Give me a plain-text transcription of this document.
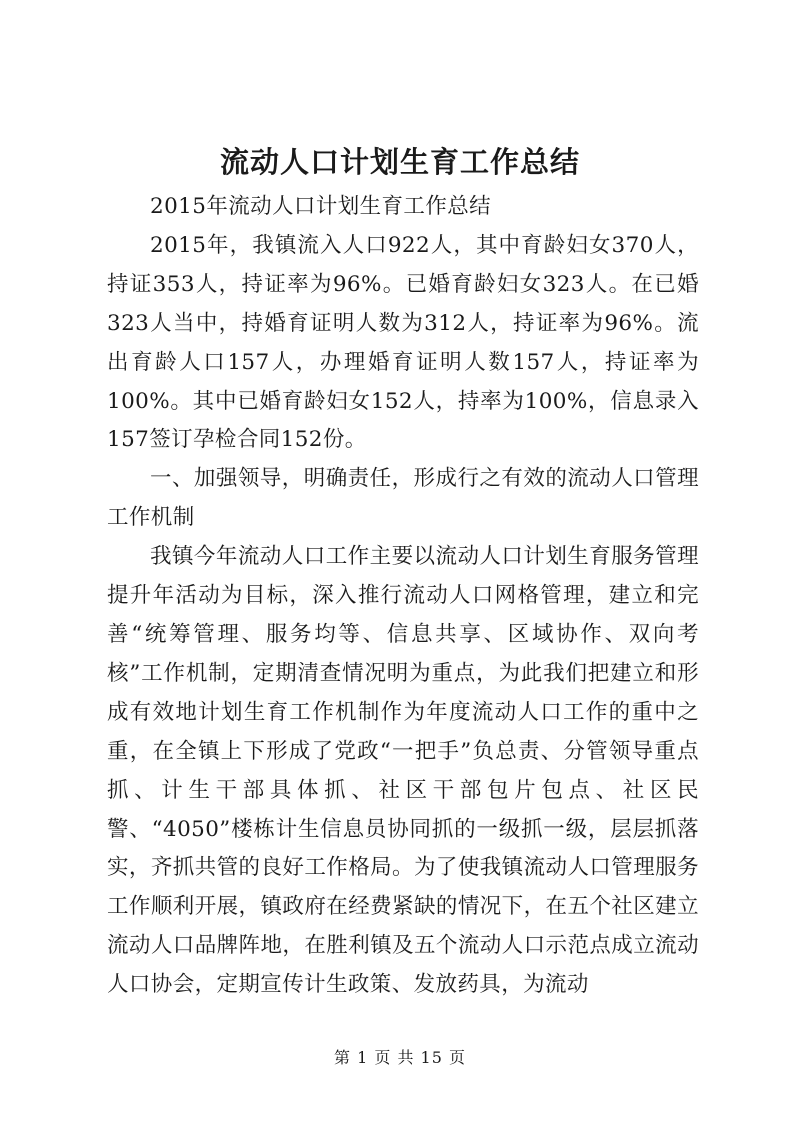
流动人口计划生育工作总结

2015年流动人口计划生育工作总结

2015年，我镇流入人口922人，其中育龄妇女370人，持证353人，持证率为96%。已婚育龄妇女323人。在已婚323人当中，持婚育证明人数为312人，持证率为96%。流出育龄人口157人，办理婚育证明人数157人，持证率为100%。其中已婚育龄妇女152人，持率为100%，信息录入157签订孕检合同152份。

一、加强领导，明确责任，形成行之有效的流动人口管理工作机制

我镇今年流动人口工作主要以流动人口计划生育服务管理提升年活动为目标，深入推行流动人口网格管理，建立和完善“统筹管理、服务均等、信息共享、区域协作、双向考核”工作机制，定期清查情况明为重点，为此我们把建立和形成有效地计划生育工作机制作为年度流动人口工作的重中之重，在全镇上下形成了党政“一把手”负总责、分管领导重点抓、计生干部具体抓、社区干部包片包点、社区民警、“4050”楼栋计生信息员协同抓的一级抓一级，层层抓落实，齐抓共管的良好工作格局。为了使我镇流动人口管理服务工作顺利开展，镇政府在经费紧缺的情况下，在五个社区建立流动人口品牌阵地，在胜利镇及五个流动人口示范点成立流动人口协会，定期宣传计生政策、发放药具，为流动

第 1 页 共 15 页
